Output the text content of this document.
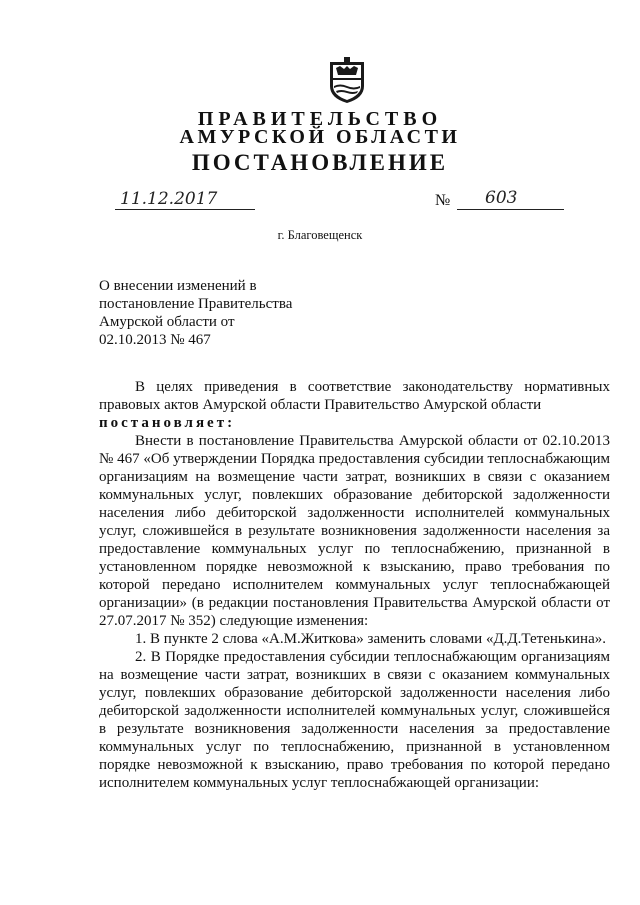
ПРАВИТЕЛЬСТВО
АМУРСКОЙ ОБЛАСТИ
ПОСТАНОВЛЕНИЕ
11.12.2017	№ 603
г. Благовещенск
О внесении изменений в
постановление Правительства
Амурской области от
02.10.2013 № 467

В целях приведения в соответствие законодательству нормативных правовых актов Амурской области Правительство Амурской области

постановляет:

Внести в постановление Правительства Амурской области от 02.10.2013 № 467 «Об утверждении Порядка предоставления субсидии теплоснабжающим организациям на возмещение части затрат, возникших в связи с оказанием коммунальных услуг, повлекших образование дебиторской задолженности населения либо дебиторской задолженности исполнителей коммунальных услуг, сложившейся в результате возникновения задолженности населения за предоставление коммунальных услуг по теплоснабжению, признанной в установленном порядке невозможной к взысканию, право требования по которой передано исполнителем коммунальных услуг теплоснабжающей организации» (в редакции постановления Правительства Амурской области от 27.07.2017 № 352) следующие изменения:

1. В пункте 2 слова «А.М.Житкова» заменить словами «Д.Д.Тетенькина».

2. В Порядке предоставления субсидии теплоснабжающим организациям на возмещение части затрат, возникших в связи с оказанием коммунальных услуг, повлекших образование дебиторской задолженности населения либо дебиторской задолженности исполнителей коммунальных услуг, сложившейся в результате возникновения задолженности населения за предоставление коммунальных услуг по теплоснабжению, признанной в установленном порядке невозможной к взысканию, право требования по которой передано исполнителем коммунальных услуг теплоснабжающей организации:
